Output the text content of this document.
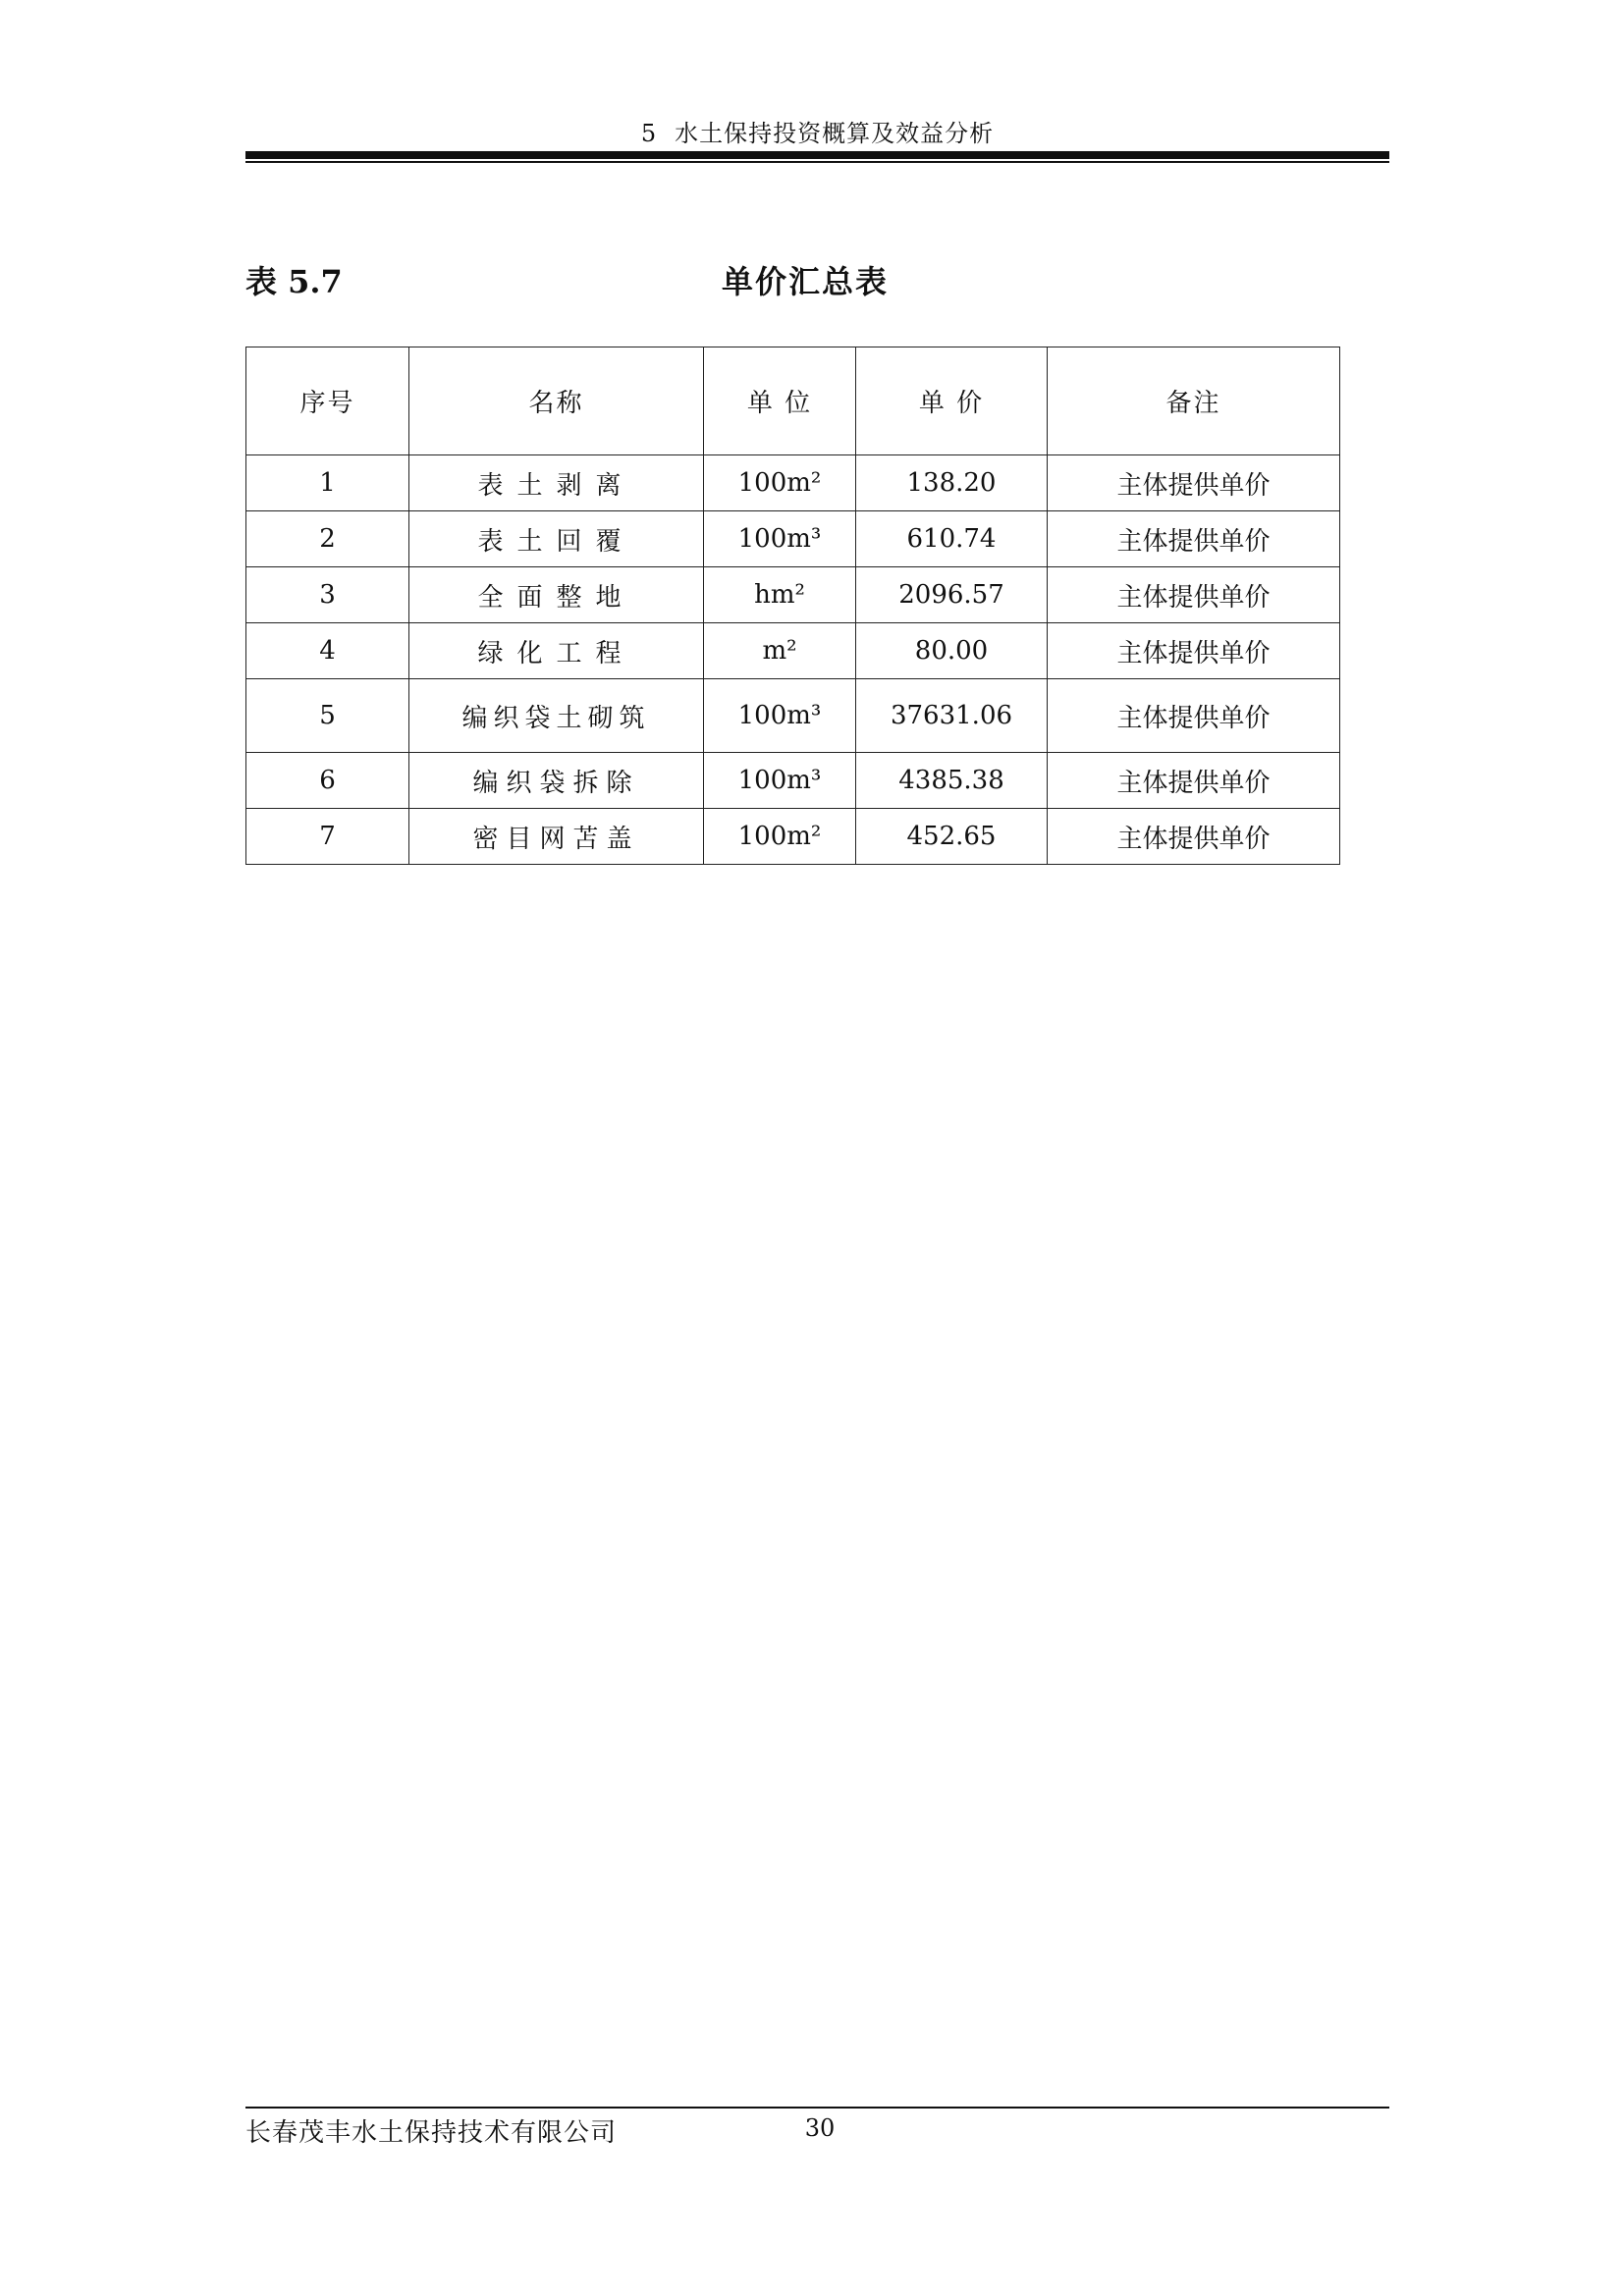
5 水土保持投资概算及效益分析
表 5.7	单价汇总表
序号	名称	单 位	单 价	备注
1	表土剥离	100m²	138.20	主体提供单价
2	表土回覆	100m³	610.74	主体提供单价
3	全面整地	hm²	2096.57	主体提供单价
4	绿化工程	m²	80.00	主体提供单价
5	编织袋土砌筑	100m³	37631.06	主体提供单价
6	编织袋拆除	100m³	4385.38	主体提供单价
7	密目网苫盖	100m²	452.65	主体提供单价
长春茂丰水土保持技术有限公司	30
